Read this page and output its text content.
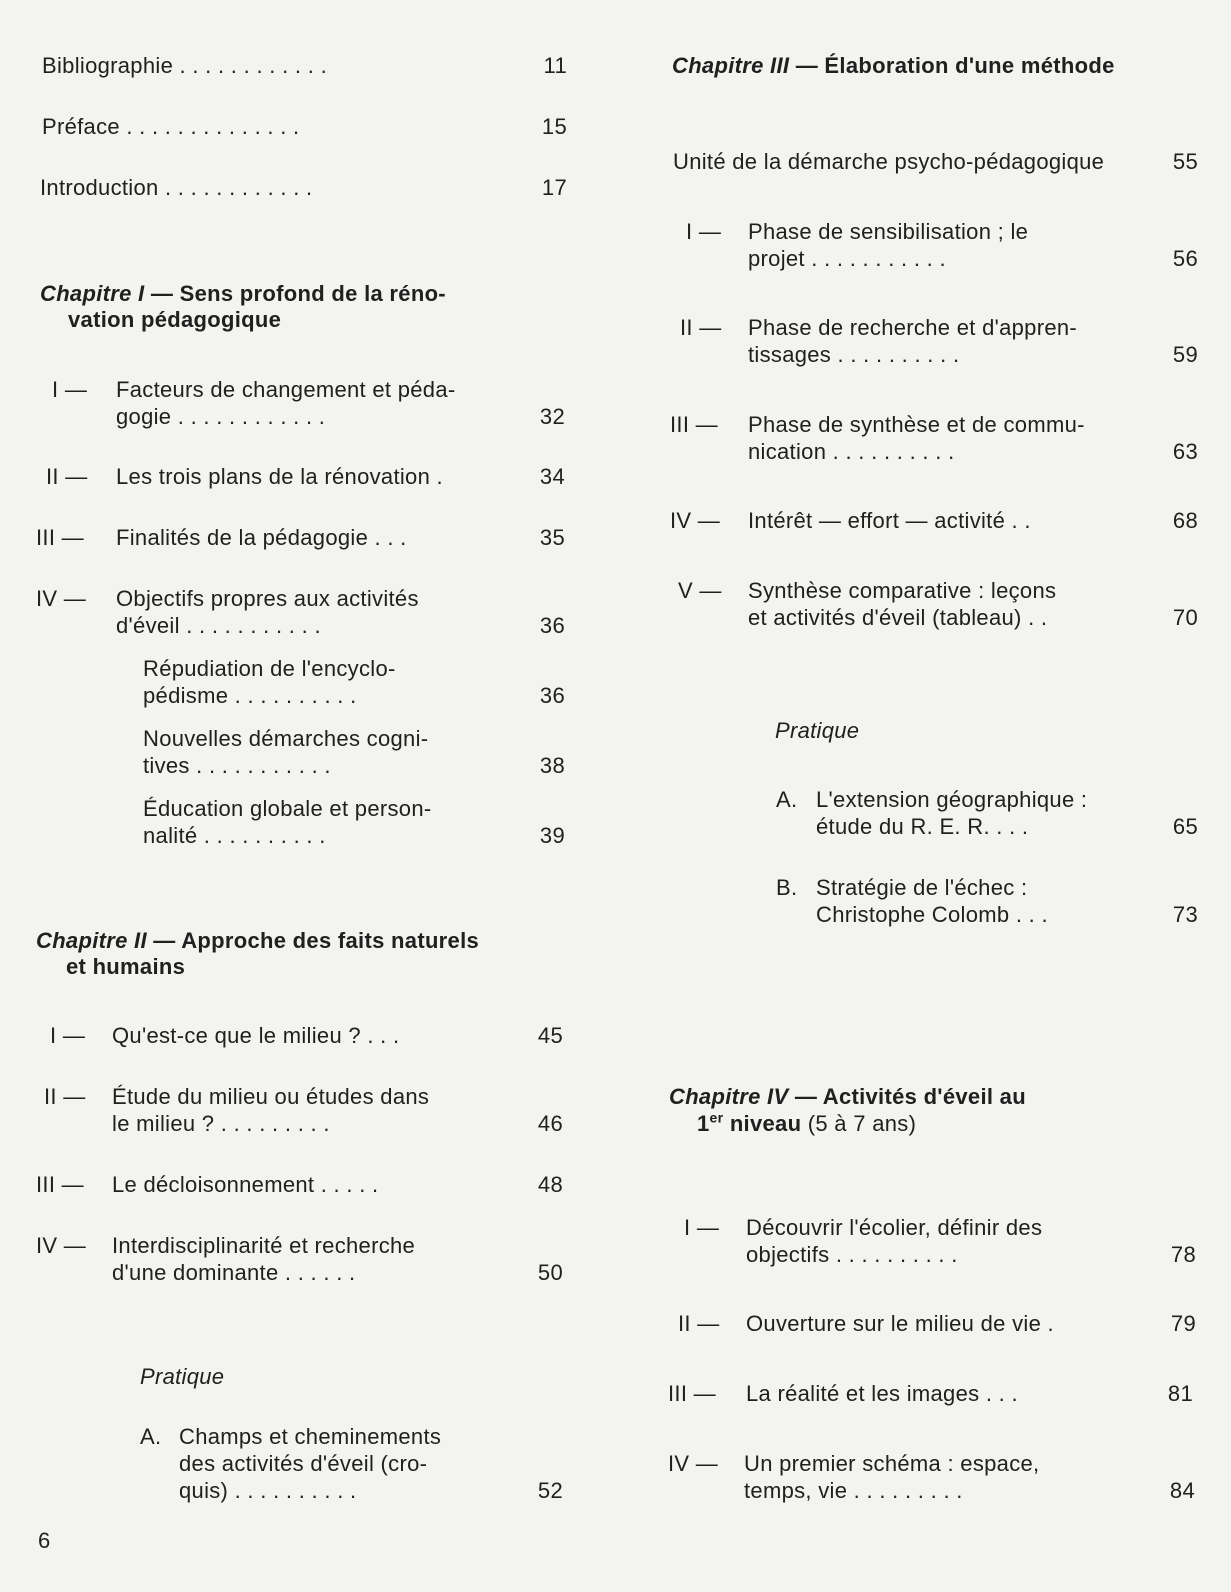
Bibliographie . . . . . . . . . . . .	11
Préface . . . . . . . . . . . . . .	15
Introduction . . . . . . . . . . . .	17
Chapitre I — Sens profond de la réno-
vation pédagogique
I — Facteurs de changement et péda-
gogie . . . . . . . . . . . .	32
II — Les trois plans de la rénovation .	34
III — Finalités de la pédagogie . . .	35
IV — Objectifs propres aux activités
d'éveil . . . . . . . . . . .	36
Répudiation de l'encyclo-
pédisme . . . . . . . . . .	36
Nouvelles démarches cogni-
tives . . . . . . . . . . .	38
Éducation globale et person-
nalité . . . . . . . . . .	39
Chapitre II — Approche des faits naturels
et humains
I — Qu'est-ce que le milieu ? . . .	45
II — Étude du milieu ou études dans
le milieu ? . . . . . . . . .	46
III — Le décloisonnement . . . . .	48
IV — Interdisciplinarité et recherche
d'une dominante . . . . . .	50
Pratique
A. Champs et cheminements
des activités d'éveil (cro-
quis) . . . . . . . . . .	52
Chapitre III — Élaboration d'une méthode
Unité de la démarche psycho-pédagogique	55
I — Phase de sensibilisation ; le
projet . . . . . . . . . . .	56
II — Phase de recherche et d'appren-
tissages . . . . . . . . . .	59
III — Phase de synthèse et de commu-
nication . . . . . . . . . .	63
IV — Intérêt — effort — activité . .	68
V — Synthèse comparative : leçons
et activités d'éveil (tableau) . .	70
Pratique
A. L'extension géographique :
étude du R. E. R. . . .	65
B. Stratégie de l'échec :
Christophe Colomb . . .	73
Chapitre IV — Activités d'éveil au
1er niveau (5 à 7 ans)
I — Découvrir l'écolier, définir des
objectifs . . . . . . . . . .	78
II — Ouverture sur le milieu de vie .	79
III — La réalité et les images . . .	81
IV — Un premier schéma : espace,
temps, vie . . . . . . . . .	84
6
